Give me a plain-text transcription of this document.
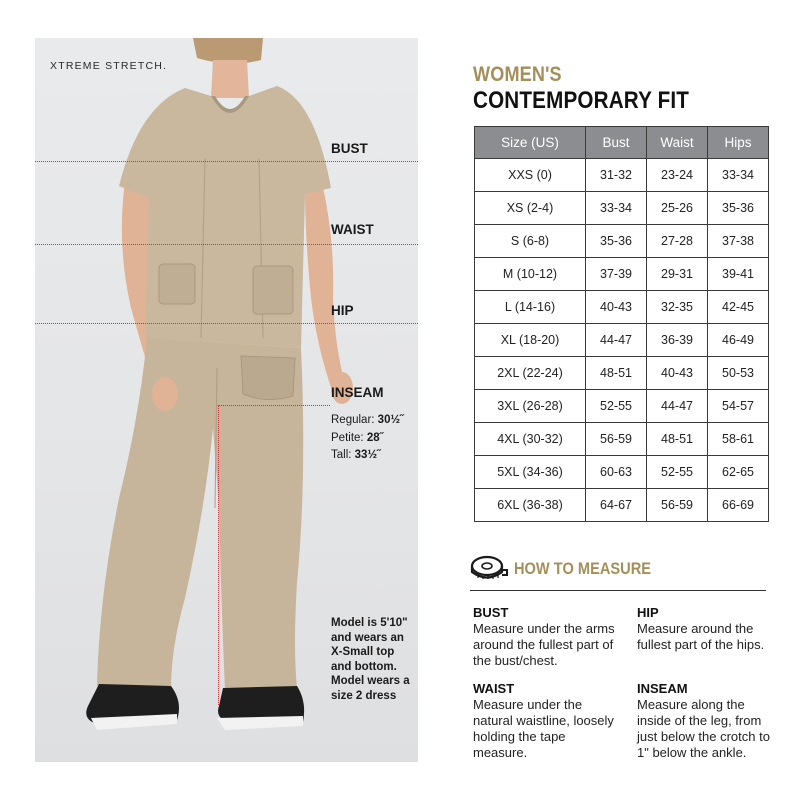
XTREME STRETCH.
BUST
WAIST
HIP
INSEAM
Regular: 30½˝
Petite: 28˝
Tall: 33½˝
Model is 5'10" and wears an X-Small top and bottom. Model wears a size 2 dress
WOMEN'S
CONTEMPORARY FIT
Size (US)	Bust	Waist	Hips
XXS (0)	31-32	23-24	33-34
XS (2-4)	33-34	25-26	35-36
S (6-8)	35-36	27-28	37-38
M (10-12)	37-39	29-31	39-41
L (14-16)	40-43	32-35	42-45
XL (18-20)	44-47	36-39	46-49
2XL (22-24)	48-51	40-43	50-53
3XL (26-28)	52-55	44-47	54-57
4XL (30-32)	56-59	48-51	58-61
5XL (34-36)	60-63	52-55	62-65
6XL (36-38)	64-67	56-59	66-69
HOW TO MEASURE
BUST
Measure under the arms around the fullest part of the bust/chest.
HIP
Measure around the fullest part of the hips.
WAIST
Measure under the natural waistline, loosely holding the tape measure.
INSEAM
Measure along the inside of the leg, from just below the crotch to 1" below the ankle.
